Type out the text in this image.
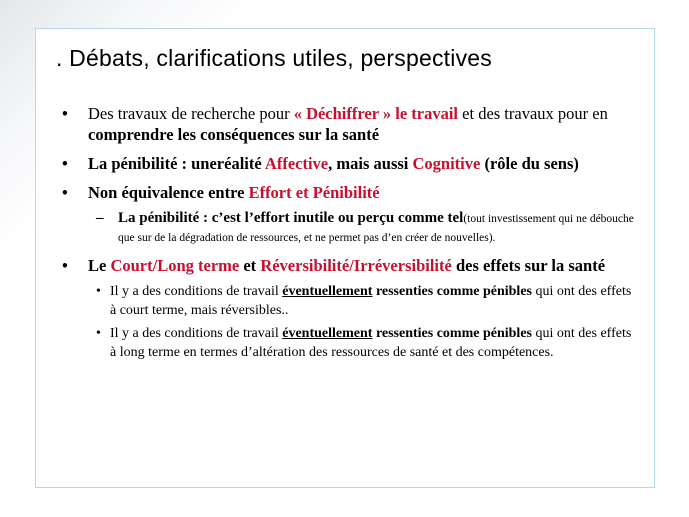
. Débats, clarifications utiles, perspectives
• Des travaux de recherche pour « Déchiffrer » le travail et des travaux pour en comprendre les conséquences sur la santé
• La pénibilité : uneréalité Affective, mais aussi Cognitive (rôle du sens)
• Non équivalence entre Effort et Pénibilité
– La pénibilité : c’est l’effort inutile ou perçu comme tel(tout investissement qui ne débouche que sur de la dégradation de ressources, et ne permet pas d’en créer de nouvelles).
• Le Court/Long terme et Réversibilité/Irréversibilité des effets sur la santé
• Il y a des conditions de travail éventuellement ressenties comme pénibles qui ont des effets à court terme, mais réversibles..
• Il y a des conditions de travail éventuellement ressenties comme pénibles qui ont des effets à long terme en termes d’altération des ressources de santé et des compétences.
